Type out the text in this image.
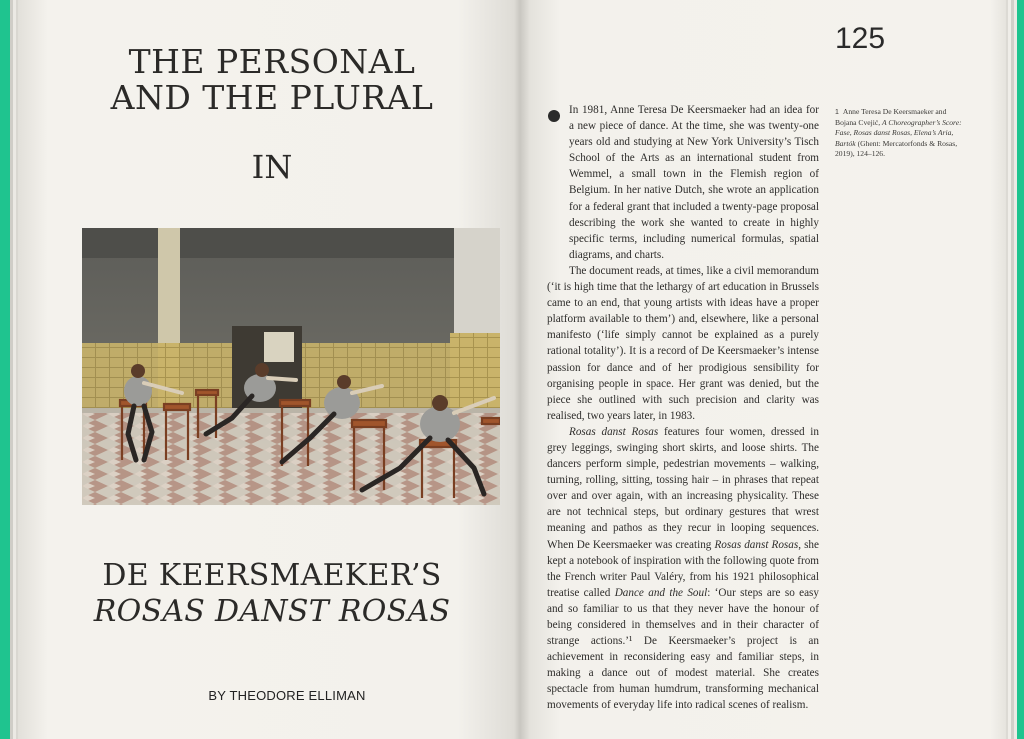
THE PERSONAL
AND THE PLURAL
IN
DE KEERSMAEKER’S
ROSAS DANST ROSAS
BY THEODORE ELLIMAN
125

In 1981, Anne Teresa De Keersmaeker had an idea for a new piece of dance. At the time, she was twenty-one years old and studying at New York University’s Tisch School of the Arts as an international student from Wemmel, a small town in the Flemish region of Belgium. In her native Dutch, she wrote an application for a federal grant that included a twenty-page proposal describing the work she wanted to create in highly specific terms, including numerical formulas, spatial diagrams, and charts.

The document reads, at times, like a civil memorandum (‘it is high time that the lethargy of art education in Brussels came to an end, that young artists with ideas have a proper platform available to them’) and, elsewhere, like a personal manifesto (‘life simply cannot be explained as a purely rational totality’). It is a record of De Keersmaeker’s intense passion for dance and of her prodigious sensibility for organising people in space. Her grant was denied, but the piece she outlined with such precision and clarity was realised, two years later, in 1983.

Rosas danst Rosas features four women, dressed in grey leggings, swinging short skirts, and loose shirts. The dancers perform simple, pedestrian movements – walking, turning, rolling, sitting, tossing hair – in phrases that repeat over and over again, with an increasing physicality. These are not technical steps, but ordinary gestures that wrest meaning and pathos as they recur in looping sequences. When De Keersmaeker was creating Rosas danst Rosas, she kept a notebook of inspiration with the following quote from the French writer Paul Valéry, from his 1921 philosophical treatise called Dance and the Soul: ‘Our steps are so easy and so familiar to us that they never have the honour of being considered in themselves and in their character of strange actions.’¹ De Keersmaeker’s project is an achievement in reconsidering easy and familiar steps, in making a dance out of modest material. She creates spectacle from human humdrum, transforming mechanical movements of everyday life into radical scenes of realism.

1 Anne Teresa De Keersmaeker and Bojana Cvejić, A Choreographer’s Score: Fase, Rosas danst Rosas, Elena’s Aria, Bartók (Ghent: Mercatorfonds & Rosas, 2019), 124–126.
